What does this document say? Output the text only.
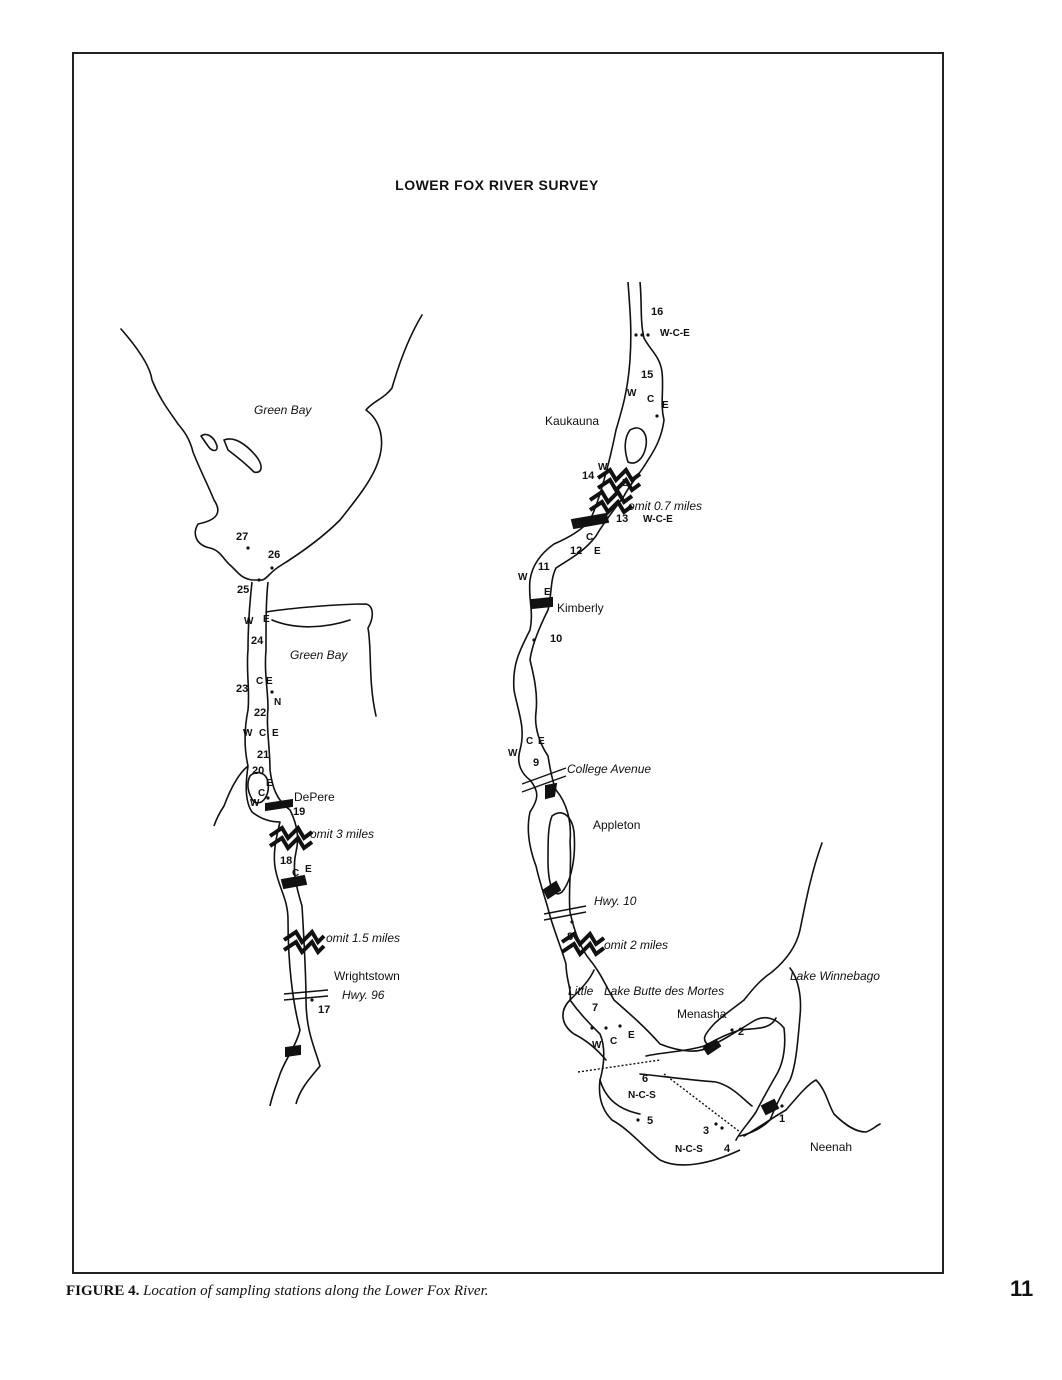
LOWER FOX RIVER SURVEY
Green Bay
Green Bay
DePere
omit 3 miles
omit 1.5 miles
Wrightstown
Hwy. 96
27
26
25
W E
24
C E
23
N
22
W C E
21
20
E
C
W
19
18
C E
17
Kaukauna
Kimberly
Appleton
omit 0.7 miles
College Avenue
Hwy. 10
omit 2 miles
Little Lake Butte des Mortes
Lake Winnebago
Menasha
Neenah
16
W-C-E
15
W
C
E
14
W
E
13 W-C-E
C
12 E
11
W
E
10
W
C E
9
8
7
W C
E
6
N-C-S
5
3
N-C-S 4
2
1
FIGURE 4. Location of sampling stations along the Lower Fox River.	11
